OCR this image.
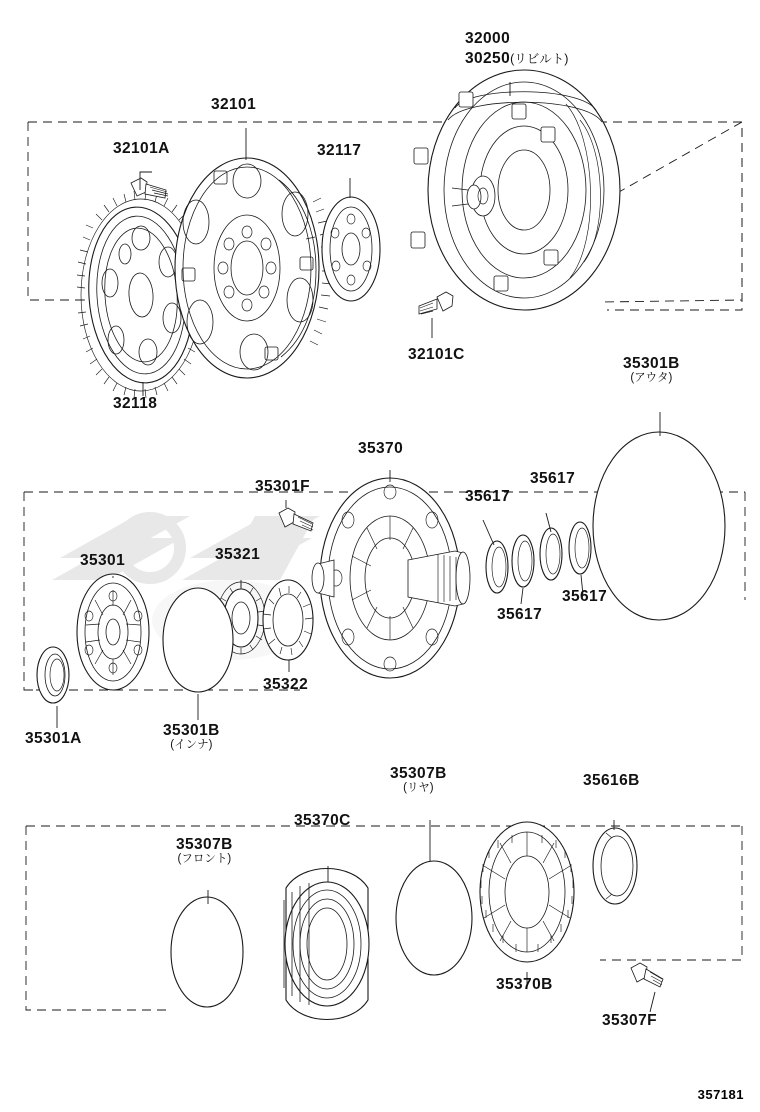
32000
30250(リビルト)
32101
32101A	32117
32101C
32118
35301B
(アウタ)
35370
35301F
35617
35617
35617
35617
35301	35321
35322
35301A	35301B
(インナ)
35307B
(リヤ)	35616B
35370C
35307B
(フロント)
35370B
35307F
357181
